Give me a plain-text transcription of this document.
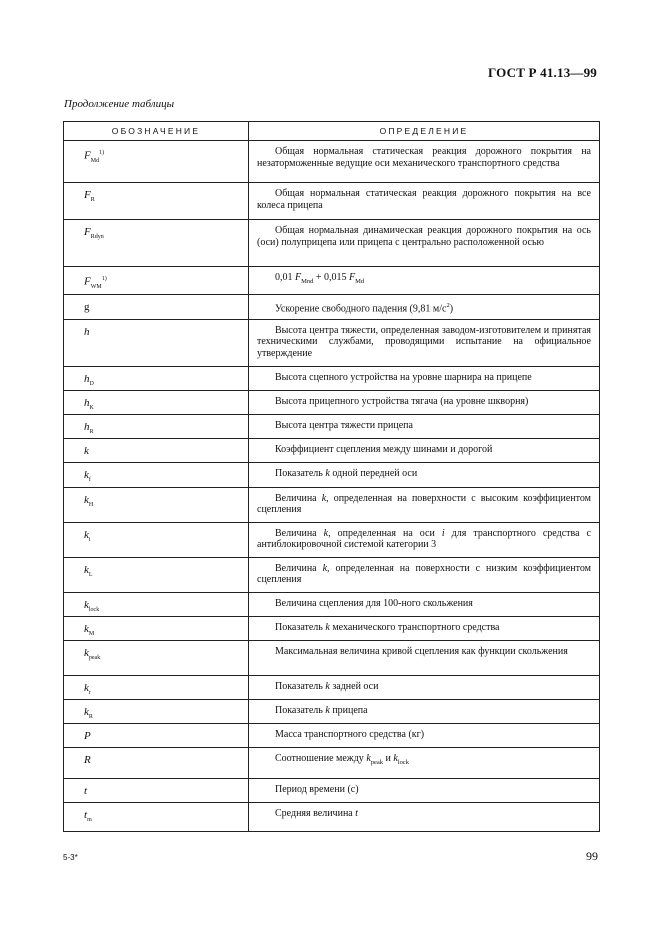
ГОСТ Р 41.13—99
Продолжение таблицы
ОБОЗНАЧЕНИЕ	ОПРЕДЕЛЕНИЕ
$F_{Md}^{1)}$	Общая нормальная статическая реакция дорожного покрытия на незаторможенные ведущие оси механического транспортного средства
$F_R$	Общая нормальная статическая реакция дорожного покрытия на все колеса прицепа
$F_{Rdyn}$	Общая нормальная динамическая реакция дорожного покрытия на ось (оси) полуприцепа или прицепа с центрально расположенной осью
$F_{WM}^{1)}$	0,01 $F_{Mnd} + 0,015$ $F_{Md}$
g	Ускорение свободного падения (9,81 $м/с^2$)
h	Высота центра тяжести, определенная заводом-изготовителем и принятая техническими службами, проводящими испытание на официальное утверждение
$h_D$	Высота сцепного устройства на уровне шарнира на прицепе
$h_K$	Высота прицепного устройства тягача (на уровне шкворня)
$h_R$	Высота центра тяжести прицепа
k	Коэффициент сцепления между шинами и дорогой
$k_f$	Показатель k одной передней оси
$k_H$	Величина k, определенная на поверхности с высоким коэффициентом сцепления
$k_i$	Величина k, определенная на оси i для транспортного средства с антиблокировочной системой категории 3
$k_L$	Величина k, определенная на поверхности с низким коэффициентом сцепления
$k_{lock}$	Величина сцепления для 100-ного скольжения
$k_M$	Показатель k механического транспортного средства
$k_{peak}$	Максимальная величина кривой сцепления как функции скольжения
$k_r$	Показатель k задней оси
$k_R$	Показатель k прицепа
P	Масса транспортного средства (кг)
R	Соотношение между $k_{peak}$ и $k_{lock}$
t	Период времени (с)
$t_m$	Средняя величина t
5-3*	99
